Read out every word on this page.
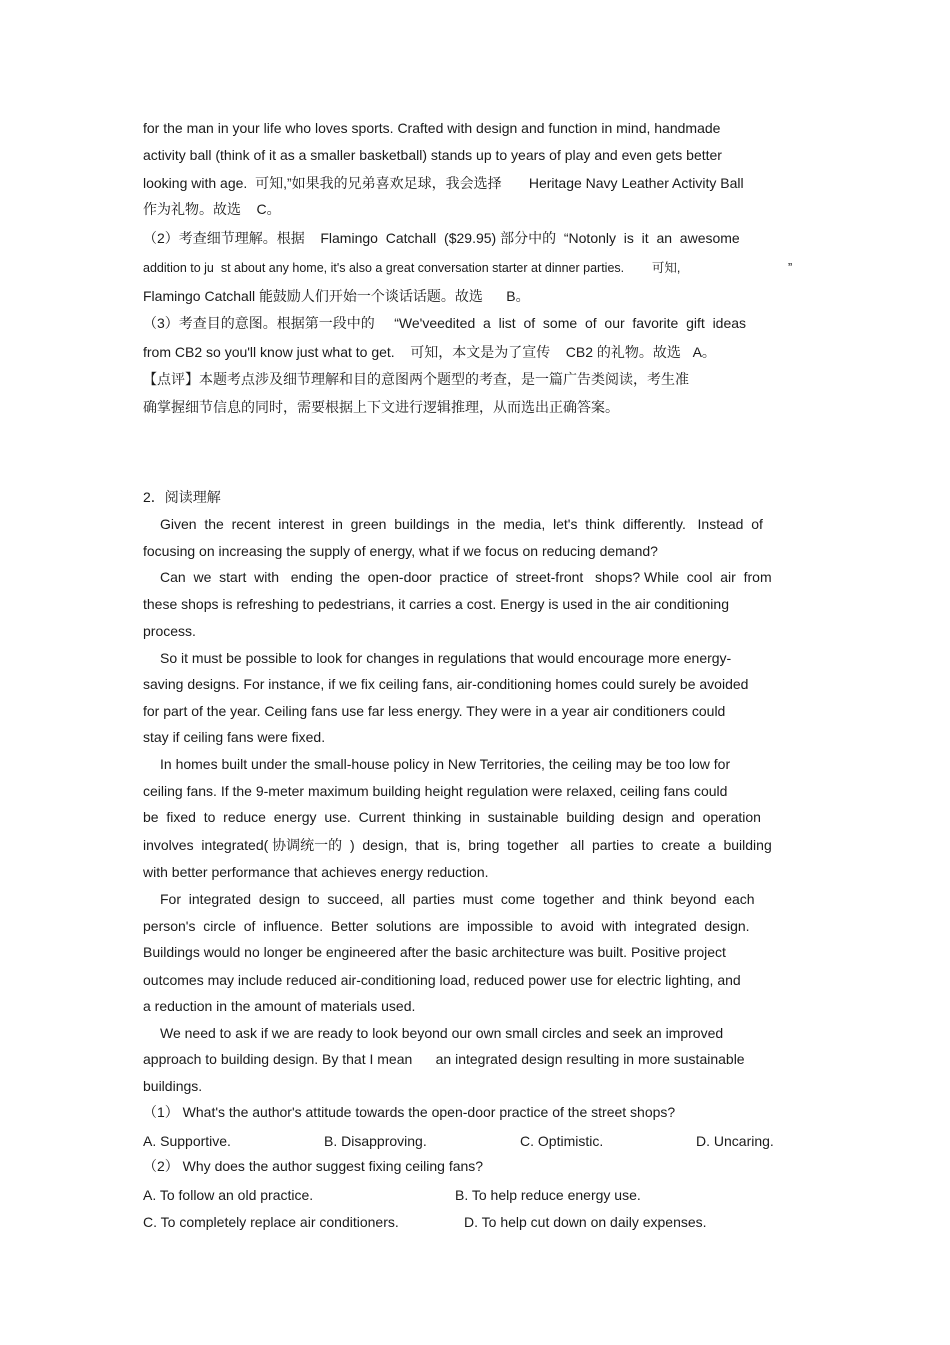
for the man in your life who loves sports. Crafted with design and function in mind, handmade
activity ball (think of it as a smaller basketball) stands up to years of play and even gets better
looking with age.  可知,”如果我的兄弟喜欢足球，我会选择       Heritage Navy Leather Activity Ball
作为礼物。故选    C。
（2）考查细节理解。根据    Flamingo  Catchall  ($29.95) 部分中的  “Notonly  is  it  an  awesome
addition to ju  st about any home, it's also a great conversation starter at dinner parties.        可知,                               ”
Flamingo Catchall 能鼓励人们开始一个谈话话题。故选      B。
（3）考查目的意图。根据第一段中的     “We'veedited  a  list  of  some  of  our  favorite  gift  ideas
from CB2 so you'll know just what to get.    可知，本文是为了宣传    CB2 的礼物。故选   A。
【点评】本题考点涉及细节理解和目的意图两个题型的考查，是一篇广告类阅读，考生准
确掌握细节信息的同时，需要根据上下文进行逻辑推理，从而选出正确答案。
2．阅读理解
Given  the  recent  interest  in  green  buildings  in  the  media,  let's  think  differently.   Instead  of
focusing on increasing the supply of energy, what if we focus on reducing demand?
Can  we  start  with   ending  the  open-door  practice  of  street-front   shops? While  cool  air  from
these shops is refreshing to pedestrians, it carries a cost. Energy is used in the air conditioning
process.
So it must be possible to look for changes in regulations that would encourage more energy-
saving designs. For instance, if we fix ceiling fans, air-conditioning homes could surely be avoided
for part of the year. Ceiling fans use far less energy. They were in a year air conditioners could
stay if ceiling fans were fixed.
In homes built under the small-house policy in New Territories, the ceiling may be too low for
ceiling fans. If the 9-meter maximum building height regulation were relaxed, ceiling fans could
be  fixed  to  reduce  energy  use.  Current  thinking  in  sustainable  building  design  and  operation
involves  integrated( 协调统一的  )  design,  that  is,  bring  together   all  parties  to  create  a  building
with better performance that achieves energy reduction.
For  integrated  design  to  succeed,  all  parties  must  come  together  and  think  beyond  each
person's  circle  of  influence.  Better  solutions  are  impossible  to  avoid  with  integrated  design.
Buildings would no longer be engineered after the basic architecture was built. Positive project
outcomes may include reduced air-conditioning load, reduced power use for electric lighting, and
a reduction in the amount of materials used.
We need to ask if we are ready to look beyond our own small circles and seek an improved
approach to building design. By that I mean      an integrated design resulting in more sustainable
buildings.
（1） What's the author's attitude towards the open-door practice of the street shops?
A. Supportive.	B. Disapproving.	C. Optimistic.	D. Uncaring.
（2） Why does the author suggest fixing ceiling fans?
A. To follow an old practice.	B. To help reduce energy use.
C. To completely replace air conditioners.	D. To help cut down on daily expenses.
